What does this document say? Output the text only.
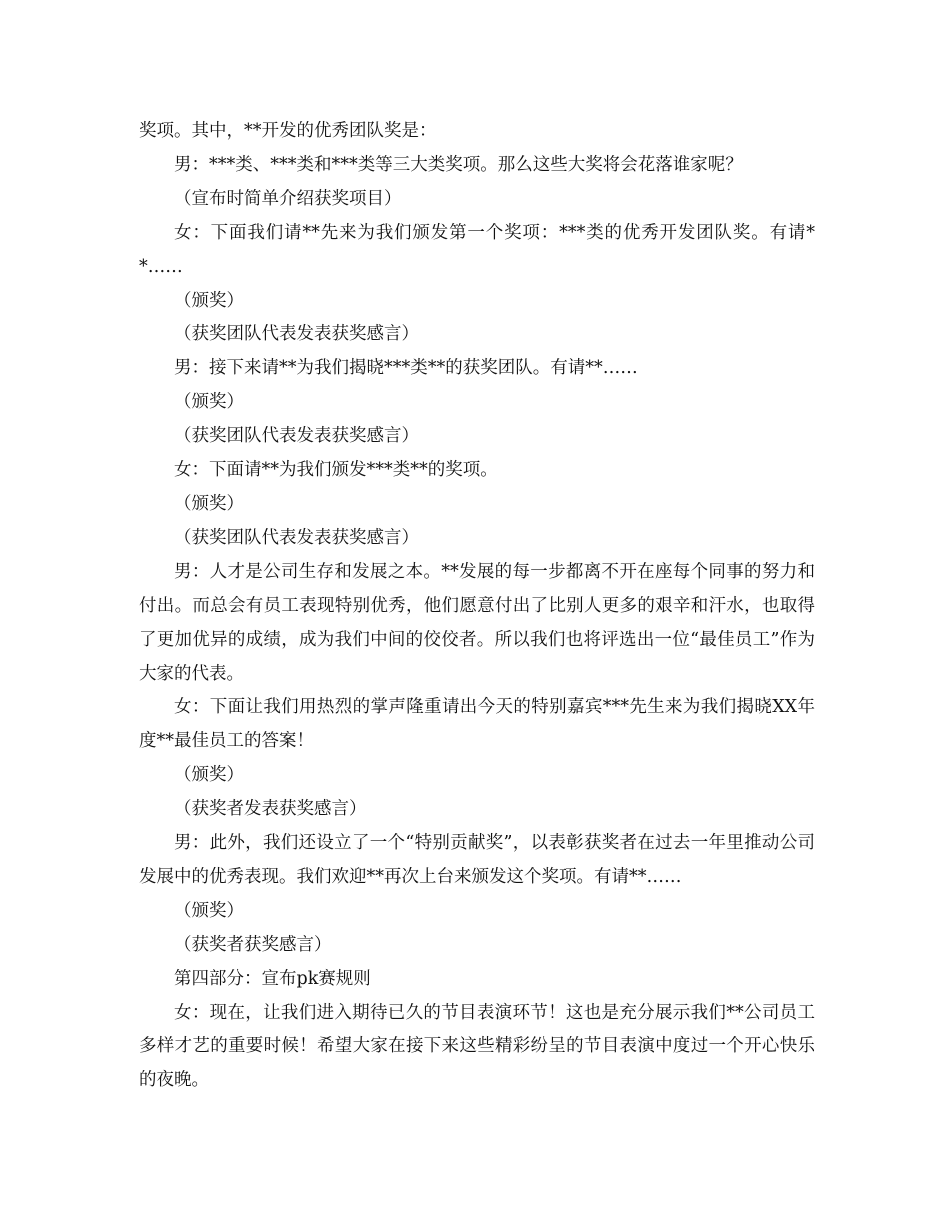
奖项。其中，**开发的优秀团队奖是：

男：***类、***类和***类等三大类奖项。那么这些大奖将会花落谁家呢？

（宣布时简单介绍获奖项目）

女：下面我们请**先来为我们颁发第一个奖项：***类的优秀开发团队奖。有请**……

（颁奖）

（获奖团队代表发表获奖感言）

男：接下来请**为我们揭晓***类**的获奖团队。有请**……

（颁奖）

（获奖团队代表发表获奖感言）

女：下面请**为我们颁发***类**的奖项。

（颁奖）

（获奖团队代表发表获奖感言）

男：人才是公司生存和发展之本。**发展的每一步都离不开在座每个同事的努力和付出。而总会有员工表现特别优秀，他们愿意付出了比别人更多的艰辛和汗水，也取得了更加优异的成绩，成为我们中间的佼佼者。所以我们也将评选出一位“最佳员工”作为大家的代表。

女：下面让我们用热烈的掌声隆重请出今天的特别嘉宾***先生来为我们揭晓XX年度**最佳员工的答案！

（颁奖）

（获奖者发表获奖感言）

男：此外，我们还设立了一个“特别贡献奖”，以表彰获奖者在过去一年里推动公司发展中的优秀表现。我们欢迎**再次上台来颁发这个奖项。有请**……

（颁奖）

（获奖者获奖感言）

第四部分：宣布pk赛规则

女：现在，让我们进入期待已久的节目表演环节！这也是充分展示我们**公司员工多样才艺的重要时候！希望大家在接下来这些精彩纷呈的节目表演中度过一个开心快乐的夜晚。
